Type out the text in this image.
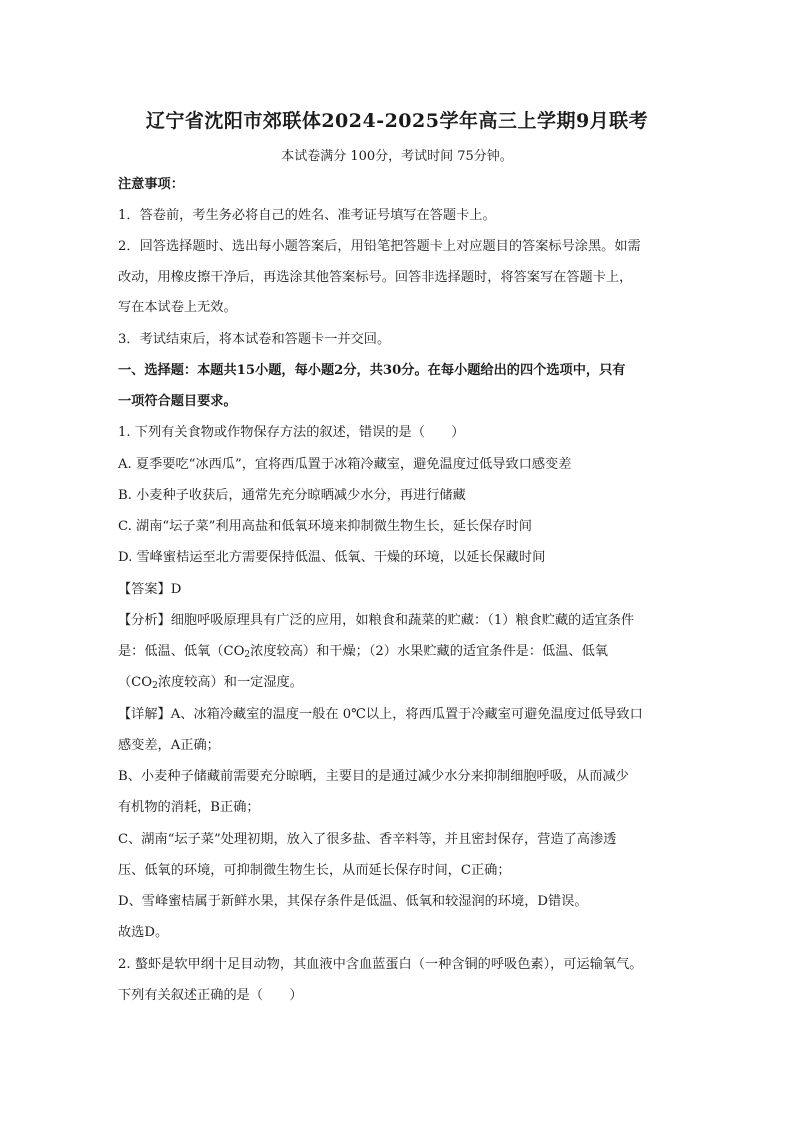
辽宁省沈阳市郊联体2024-2025学年高三上学期9月联考
本试卷满分 100分，考试时间 75分钟。
注意事项：
1．答卷前，考生务必将自己的姓名、准考证号填写在答题卡上。
2．回答选择题时、选出每小题答案后，用铅笔把答题卡上对应题目的答案标号涂黑。如需
改动，用橡皮擦干净后，再选涂其他答案标号。回答非选择题时，将答案写在答题卡上，
写在本试卷上无效。
3．考试结束后，将本试卷和答题卡一并交回。
一、选择题：本题共15小题，每小题2分，共30分。在每小题给出的四个选项中，只有
一项符合题目要求。
1. 下列有关食物或作物保存方法的叙述，错误的是（　　）
A. 夏季要吃“冰西瓜”，宜将西瓜置于冰箱冷藏室，避免温度过低导致口感变差
B. 小麦种子收获后，通常先充分晾晒减少水分，再进行储藏
C. 湖南“坛子菜”利用高盐和低氧环境来抑制微生物生长，延长保存时间
D. 雪峰蜜桔运至北方需要保持低温、低氧、干燥的环境，以延长保藏时间
【答案】D
【分析】细胞呼吸原理具有广泛的应用，如粮食和蔬菜的贮藏：（1）粮食贮藏的适宜条件
是：低温、低氧（$CO_2$浓度较高）和干燥；（2）水果贮藏的适宜条件是：低温、低氧
（$CO_2$浓度较高）和一定湿度。
【详解】A、冰箱冷藏室的温度一般在 0℃以上，将西瓜置于冷藏室可避免温度过低导致口
感变差，A正确；
B、小麦种子储藏前需要充分晾晒，主要目的是通过减少水分来抑制细胞呼吸，从而减少
有机物的消耗，B正确；
C、湖南“坛子菜”处理初期，放入了很多盐、香辛料等，并且密封保存，营造了高渗透
压、低氧的环境，可抑制微生物生长，从而延长保存时间，C正确；
D、雪峰蜜桔属于新鲜水果，其保存条件是低温、低氧和较湿润的环境，D错误。
故选D。
2. 螯虾是软甲纲十足目动物，其血液中含血蓝蛋白（一种含铜的呼吸色素），可运输氧气。
下列有关叙述正确的是（　　）
